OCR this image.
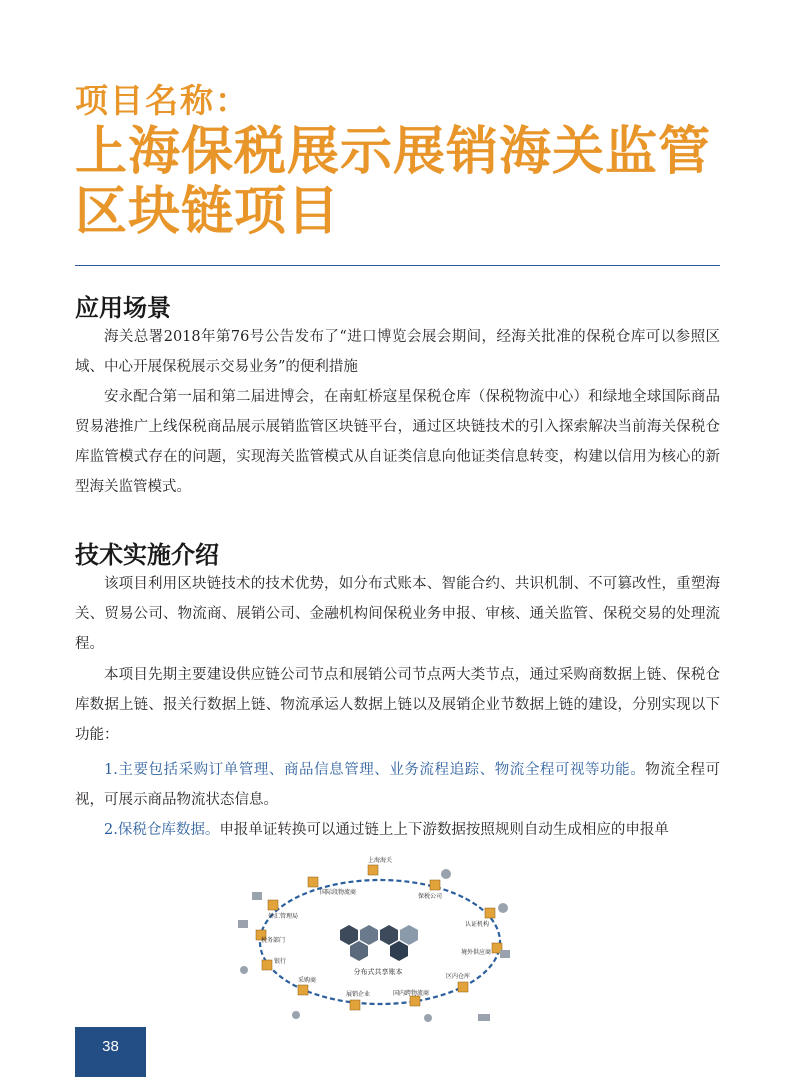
项目名称：
上海保税展示展销海关监管
区块链项目
应用场景

海关总署2018年第76号公告发布了“进口博览会展会期间，经海关批准的保税仓库可以参照区域、中心开展保税展示交易业务”的便利措施

安永配合第一届和第二届进博会，在南虹桥寇星保税仓库（保税物流中心）和绿地全球国际商品贸易港推广上线保税商品展示展销监管区块链平台，通过区块链技术的引入探索解决当前海关保税仓库监管模式存在的问题，实现海关监管模式从自证类信息向他证类信息转变，构建以信用为核心的新型海关监管模式。

技术实施介绍

该项目利用区块链技术的技术优势，如分布式账本、智能合约、共识机制、不可篡改性，重塑海关、贸易公司、物流商、展销公司、金融机构间保税业务申报、审核、通关监管、保税交易的处理流程。

本项目先期主要建设供应链公司节点和展销公司节点两大类节点，通过采购商数据上链、保税仓库数据上链、报关行数据上链、物流承运人数据上链以及展销企业节数据上链的建设，分别实现以下功能：

1.主要包括采购订单管理、商品信息管理、业务流程追踪、物流全程可视等功能。物流全程可视，可展示商品物流状态信息。

2.保税仓库数据。申报单证转换可以通过链上上下游数据按照规则自动生成相应的申报单

分布式共享账本
上海海关
保税公司
认证机构
境外供应商
区内仓库
国内跨物流商
展销企业
采购商
银行
税务部门
外汇管理局
国际段物流商
38
